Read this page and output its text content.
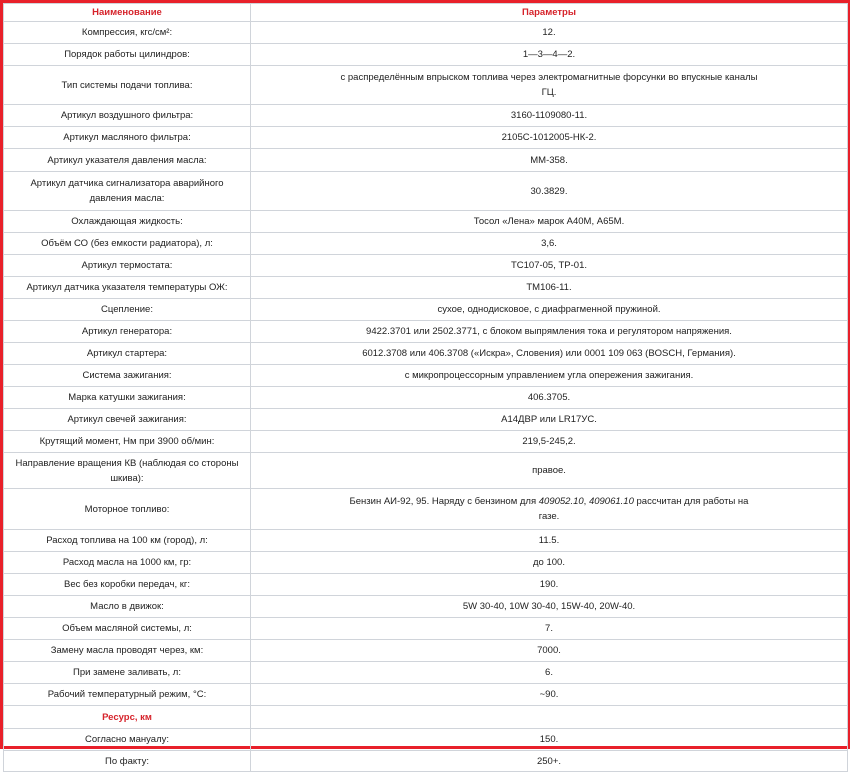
Наименование	Параметры
Компрессия, кгс/см²:	12.
Порядок работы цилиндров:	1—3—4—2.
Тип системы подачи топлива:	с распределённым впрыском топлива через электромагнитные форсунки во впускные каналы ГЦ.
Артикул воздушного фильтра:	3160-1109080-11.
Артикул масляного фильтра:	2105С-1012005-НК-2.
Артикул указателя давления масла:	ММ-358.
Артикул датчика сигнализатора аварийного давления масла:	30.3829.
Охлаждающая жидкость:	Тосол «Лена» марок А40М, А65М.
Объём СО (без емкости радиатора), л:	3,6.
Артикул термостата:	ТС107-05, ТР-01.
Артикул датчика указателя температуры ОЖ:	ТМ106-11.
Сцепление:	сухое, однодисковое, с диафрагменной пружиной.
Артикул генератора:	9422.3701 или 2502.3771, с блоком выпрямления тока и регулятором напряжения.
Артикул стартера:	6012.3708 или 406.3708 («Искра», Словения) или 0001 109 063 (BOSCH, Германия).
Система зажигания:	с микропроцессорным управлением угла опережения зажигания.
Марка катушки зажигания:	406.3705.
Артикул свечей зажигания:	А14ДВР или LR17УС.
Крутящий момент, Нм при 3900 об/мин:	219,5-245,2.
Направление вращения КВ (наблюдая со стороны шкива):	правое.
Моторное топливо:	Бензин АИ-92, 95. Наряду с бензином для 409052.10, 409061.10 рассчитан для работы на газе.
Расход топлива на 100 км (город), л:	11.5.
Расход масла на 1000 км, гр:	до 100.
Вес без коробки передач, кг:	190.
Масло в движок:	5W 30-40, 10W 30-40, 15W-40, 20W-40.
Объем масляной системы, л:	7.
Замену масла проводят через, км:	7000.
При замене заливать, л:	6.
Рабочий температурный режим, °С:	~90.
Ресурс, км	
Согласно мануалу:	150.
По факту:	250+.
